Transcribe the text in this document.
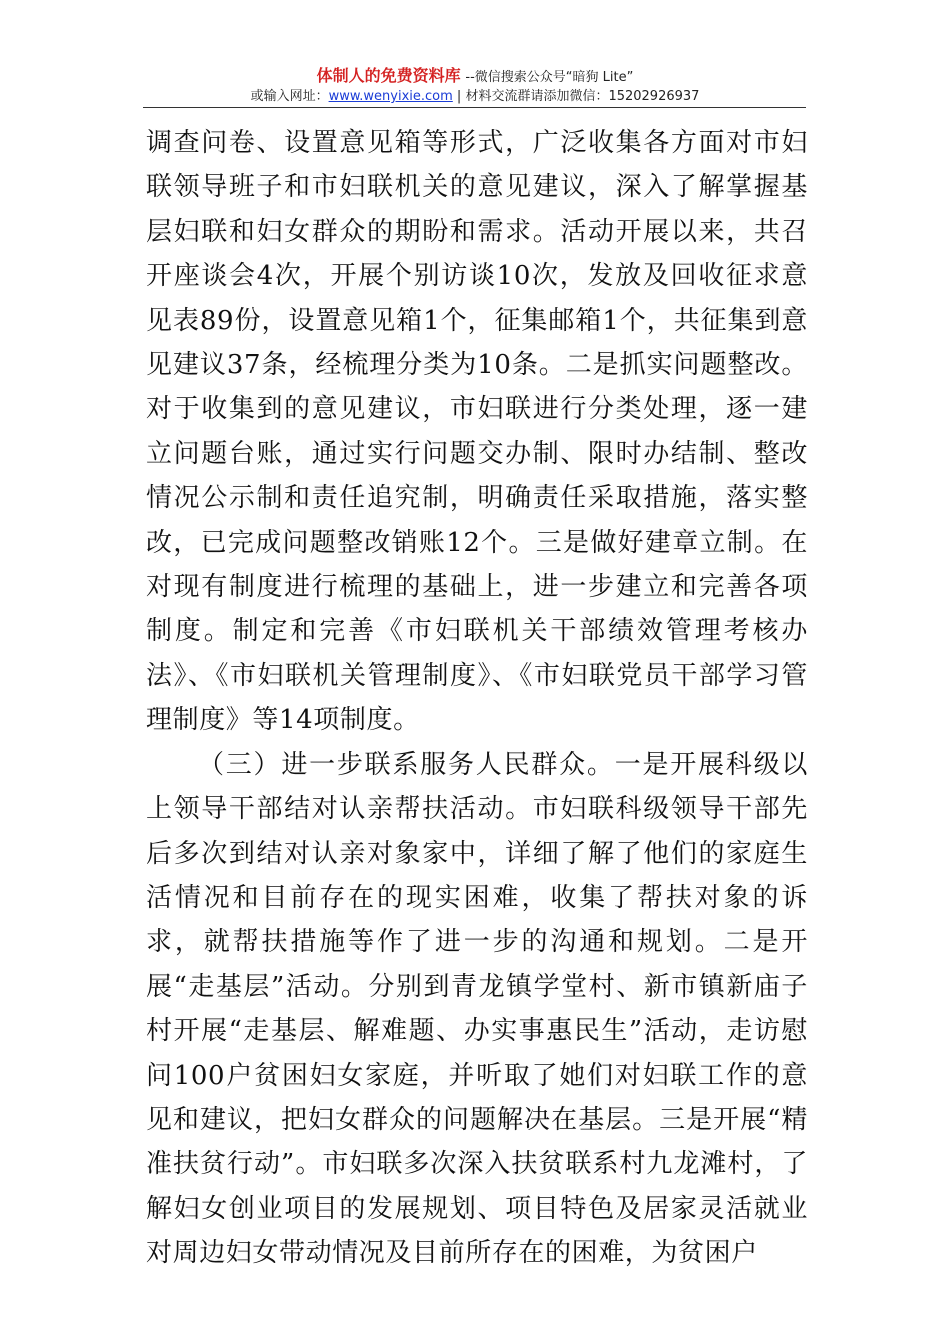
体制人的免费资料库 --微信搜索公众号“暗狗 Lite”
或输入网址：www.wenyixie.com | 材料交流群请添加微信：15202926937

调查问卷、设置意见箱等形式，广泛收集各方面对市妇联领导班子和市妇联机关的意见建议，深入了解掌握基层妇联和妇女群众的期盼和需求。活动开展以来，共召开座谈会4次，开展个别访谈10次，发放及回收征求意见表89份，设置意见箱1个，征集邮箱1个，共征集到意见建议37条，经梳理分类为10条。二是抓实问题整改。对于收集到的意见建议，市妇联进行分类处理，逐一建立问题台账，通过实行问题交办制、限时办结制、整改情况公示制和责任追究制，明确责任采取措施，落实整改，已完成问题整改销账12个。三是做好建章立制。在对现有制度进行梳理的基础上，进一步建立和完善各项制度。制定和完善《市妇联机关干部绩效管理考核办法》、《市妇联机关管理制度》、《市妇联党员干部学习管理制度》等14项制度。

（三）进一步联系服务人民群众。一是开展科级以上领导干部结对认亲帮扶活动。市妇联科级领导干部先后多次到结对认亲对象家中，详细了解了他们的家庭生活情况和目前存在的现实困难，收集了帮扶对象的诉求，就帮扶措施等作了进一步的沟通和规划。二是开展“走基层”活动。分别到青龙镇学堂村、新市镇新庙子村开展“走基层、解难题、办实事惠民生”活动，走访慰问100户贫困妇女家庭，并听取了她们对妇联工作的意见和建议，把妇女群众的问题解决在基层。三是开展“精准扶贫行动”。市妇联多次深入扶贫联系村九龙滩村，了解妇女创业项目的发展规划、项目特色及居家灵活就业对周边妇女带动情况及目前所存在的困难，为贫困户
